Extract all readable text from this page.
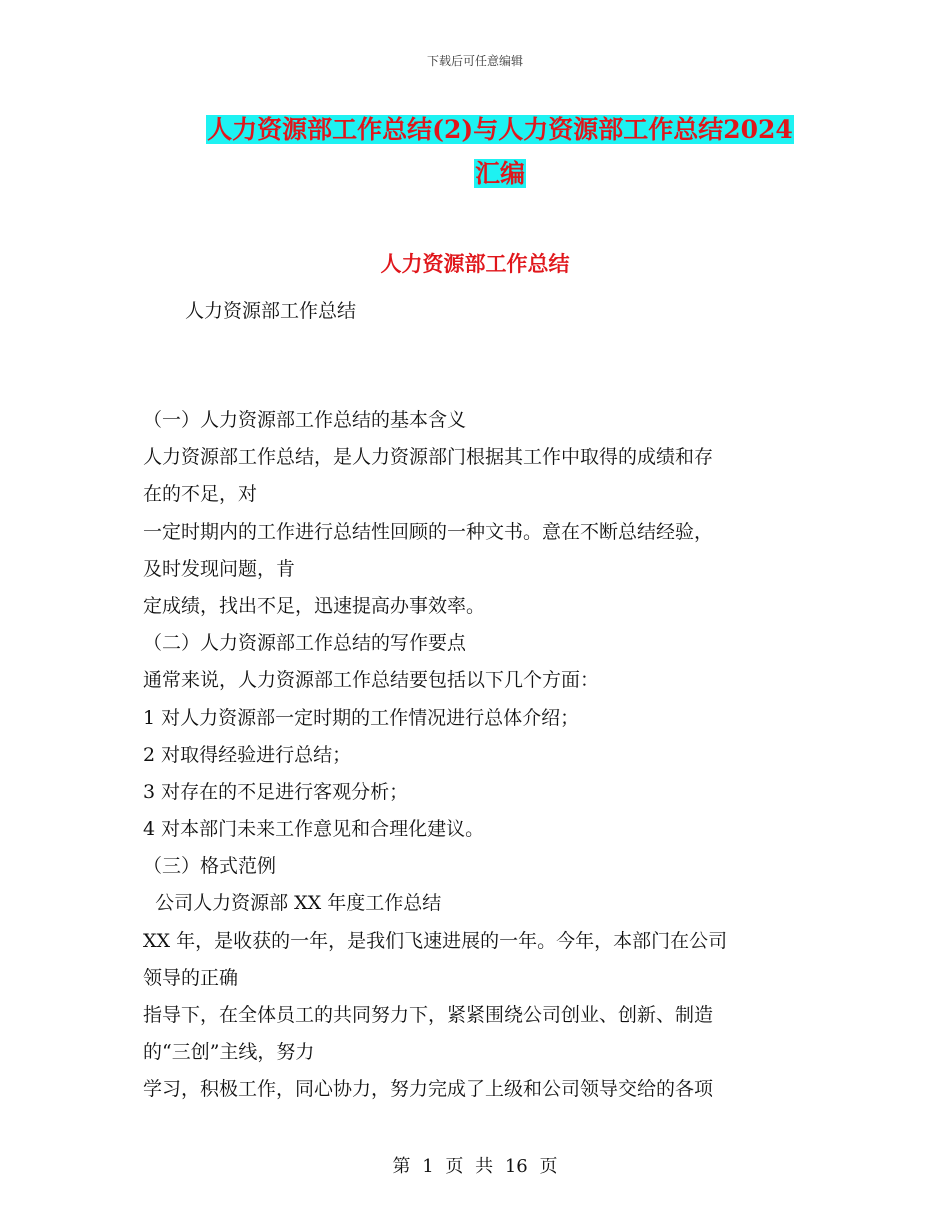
下载后可任意编辑
人力资源部工作总结(2)与人力资源部工作总结2024
汇编
人力资源部工作总结
人力资源部工作总结
（一）人力资源部工作总结的基本含义
人力资源部工作总结，是人力资源部门根据其工作中取得的成绩和存
在的不足，对
一定时期内的工作进行总结性回顾的一种文书。意在不断总结经验，
及时发现问题，肯
定成绩，找出不足，迅速提高办事效率。
（二）人力资源部工作总结的写作要点
通常来说，人力资源部工作总结要包括以下几个方面：
1 对人力资源部一定时期的工作情况进行总体介绍；
2 对取得经验进行总结；
3 对存在的不足进行客观分析；
4 对本部门未来工作意见和合理化建议。
（三）格式范例
公司人力资源部 XX 年度工作总结
XX 年，是收获的一年，是我们飞速进展的一年。今年，本部门在公司
领导的正确
指导下，在全体员工的共同努力下，紧紧围绕公司创业、创新、制造
的“三创”主线，努力
学习，积极工作，同心协力，努力完成了上级和公司领导交给的各项
第 1 页 共 16 页
